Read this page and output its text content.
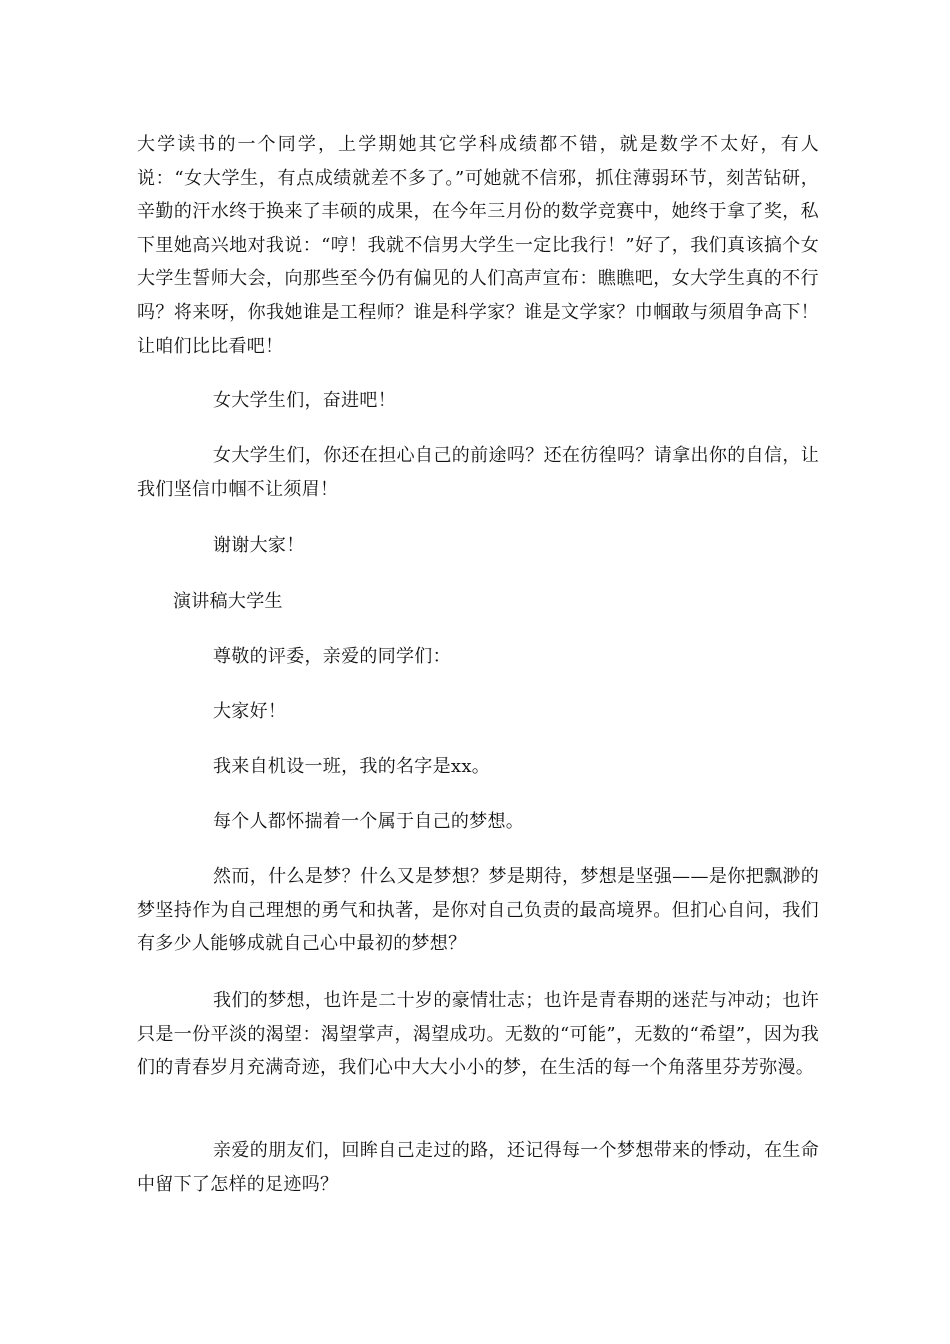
大学读书的一个同学，上学期她其它学科成绩都不错，就是数学不太好，有人说：“女大学生，有点成绩就差不多了。”可她就不信邪，抓住薄弱环节，刻苦钻研，辛勤的汗水终于换来了丰硕的成果，在今年三月份的数学竞赛中，她终于拿了奖，私下里她高兴地对我说：“哼！我就不信男大学生一定比我行！”好了，我们真该搞个女大学生誓师大会，向那些至今仍有偏见的人们高声宣布：瞧瞧吧，女大学生真的不行吗？将来呀，你我她谁是工程师？谁是科学家？谁是文学家？巾帼敢与须眉争高下！让咱们比比看吧！

女大学生们，奋进吧！

女大学生们，你还在担心自己的前途吗？还在彷徨吗？请拿出你的自信，让我们坚信巾帼不让须眉！

谢谢大家！

演讲稿大学生

尊敬的评委，亲爱的同学们：

大家好！

我来自机设一班，我的名字是xx。

每个人都怀揣着一个属于自己的梦想。

然而，什么是梦？什么又是梦想？梦是期待，梦想是坚强——是你把飘渺的梦坚持作为自己理想的勇气和执著，是你对自己负责的最高境界。但扪心自问，我们有多少人能够成就自己心中最初的梦想？

我们的梦想，也许是二十岁的豪情壮志；也许是青春期的迷茫与冲动；也许只是一份平淡的渴望：渴望掌声，渴望成功。无数的“可能”，无数的“希望”，因为我们的青春岁月充满奇迹，我们心中大大小小的梦，在生活的每一个角落里芬芳弥漫。

亲爱的朋友们，回眸自己走过的路，还记得每一个梦想带来的悸动，在生命中留下了怎样的足迹吗？
